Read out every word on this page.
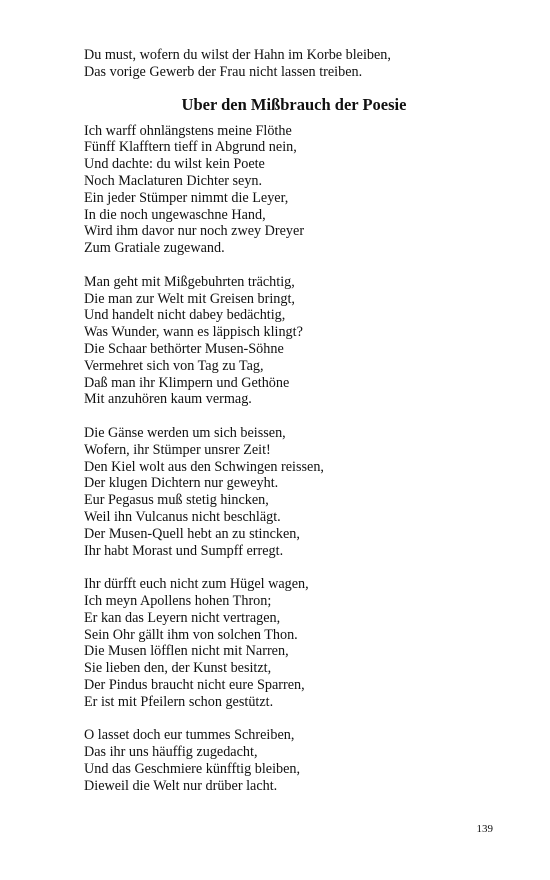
Du must, wofern du wilst der Hahn im Korbe bleiben,
Das vorige Gewerb der Frau nicht lassen treiben.
Uber den Mißbrauch der Poesie
Ich warff ohnlängstens meine Flöthe
Fünff Klafftern tieff in Abgrund nein,
Und dachte: du wilst kein Poete
Noch Maclaturen Dichter seyn.
Ein jeder Stümper nimmt die Leyer,
In die noch ungewaschne Hand,
Wird ihm davor nur noch zwey Dreyer
Zum Gratiale zugewand.
Man geht mit Mißgebuhrten trächtig,
Die man zur Welt mit Greisen bringt,
Und handelt nicht dabey bedächtig,
Was Wunder, wann es läppisch klingt?
Die Schaar bethörter Musen-Söhne
Vermehret sich von Tag zu Tag,
Daß man ihr Klimpern und Gethöne
Mit anzuhören kaum vermag.
Die Gänse werden um sich beissen,
Wofern, ihr Stümper unsrer Zeit!
Den Kiel wolt aus den Schwingen reissen,
Der klugen Dichtern nur geweyht.
Eur Pegasus muß stetig hincken,
Weil ihn Vulcanus nicht beschlägt.
Der Musen-Quell hebt an zu stincken,
Ihr habt Morast und Sumpff erregt.
Ihr dürfft euch nicht zum Hügel wagen,
Ich meyn Apollens hohen Thron;
Er kan das Leyern nicht vertragen,
Sein Ohr gällt ihm von solchen Thon.
Die Musen löfflen nicht mit Narren,
Sie lieben den, der Kunst besitzt,
Der Pindus braucht nicht eure Sparren,
Er ist mit Pfeilern schon gestützt.
O lasset doch eur tummes Schreiben,
Das ihr uns häuffig zugedacht,
Und das Geschmiere künfftig bleiben,
Dieweil die Welt nur drüber lacht.
139
